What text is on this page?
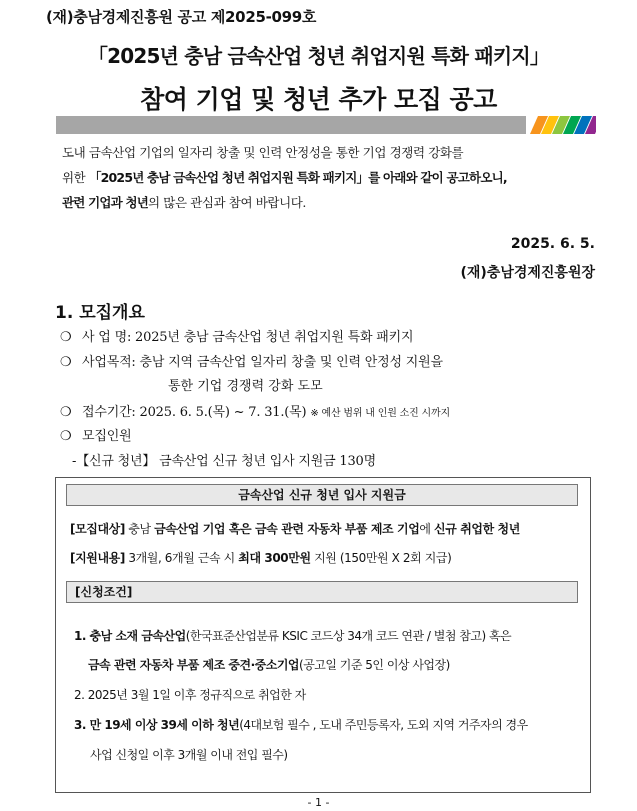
(재)충남경제진흥원 공고 제2025-099호
「2025년 충남 금속산업 청년 취업지원 특화 패키지」
참여 기업 및 청년 추가 모집 공고
도내 금속산업 기업의 일자리 창출 및 인력 안정성을 통한 기업 경쟁력 강화를
위한 「2025년 충남 금속산업 청년 취업지원 특화 패키지」를 아래와 같이 공고하오니,
관련 기업과 청년의 많은 관심과 참여 바랍니다.
2025. 6. 5.
(재)충남경제진흥원장
1. 모집개요
❍ 사 업 명: 2025년 충남 금속산업 청년 취업지원 특화 패키지
❍ 사업목적: 충남 지역 금속산업 일자리 창출 및 인력 안정성 지원을
통한 기업 경쟁력 강화 도모
❍ 접수기간: 2025. 6. 5.(목) ~ 7. 31.(목) ※ 예산 범위 내 인원 소진 시까지
❍ 모집인원
-【신규 청년】 금속산업 신규 청년 입사 지원금 130명
금속산업 신규 청년 입사 지원금
[모집대상] 충남 금속산업 기업 혹은 금속 관련 자동차 부품 제조 기업에 신규 취업한 청년
[지원내용] 3개월, 6개월 근속 시 최대 300만원 지원 (150만원 X 2회 지급)
[신청조건]
1. 충남 소재 금속산업(한국표준산업분류 KSIC 코드상 34개 코드 연관 / 별첨 참고) 혹은
금속 관련 자동차 부품 제조 중견·중소기업(공고일 기준 5인 이상 사업장)
2. 2025년 3월 1일 이후 정규직으로 취업한 자
3. 만 19세 이상 39세 이하 청년(4대보험 필수 , 도내 주민등록자, 도외 지역 거주자의 경우
사업 신청일 이후 3개월 이내 전입 필수)
- 1 -
